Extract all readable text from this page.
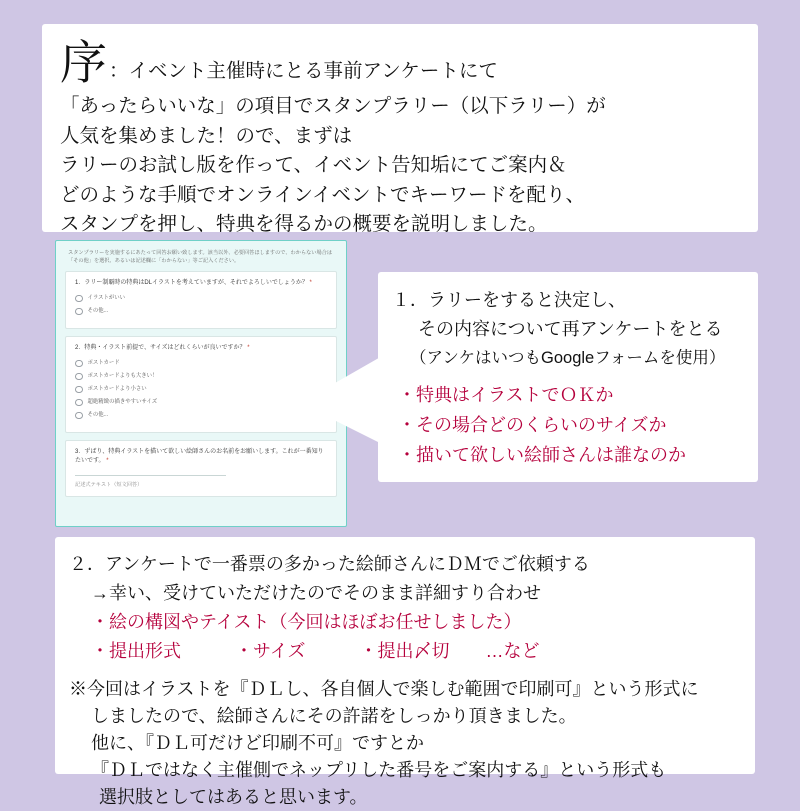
序 ：イベント主催時にとる事前アンケートにて
「あったらいいな」の項目でスタンプラリー（以下ラリー）が
人気を集めました！ので、まずは
ラリーのお試し版を作って、イベント告知垢にてご案内＆
どのような手順でオンラインイベントでキーワードを配り、
スタンプを押し、特典を得るかの概要を説明しました。
スタンプラリーを実施するにあたって回答お願い致します。該当以外、必要回答ほしますので、わからない場合は「その他」を選択、あるいは記述欄に「わからない」等ご記入ください。
1．ラリー制覇時の特典はDLイラストを考えていますが、それでよろしいでしょうか？ *
イラストがいい
その他...
2．特典・イラスト前提で、サイズはどれくらいが良いですか？ *
ポストカード
ポストカードよりも大きい！
ポストカードより小さい
超絶精緻の描きやすいサイズ
その他...
3．ずばり、特典イラストを描いて欲しい絵師さんのお名前をお願いします。これが一番知りたいです。 *
記述式テキスト（短文回答）
１．ラリーをすると決定し、
その内容について再アンケートをとる
（アンケはいつもGoogleフォームを使用）
・特典はイラストでＯＫか
・その場合どのくらいのサイズか
・描いて欲しい絵師さんは誰なのか
２．アンケートで一番票の多かった絵師さんにＤＭでご依頼する
→幸い、受けていただけたのでそのまま詳細すり合わせ
・絵の構図やテイスト（今回はほぼお任せしました）
・提出形式　　　・サイズ　　　・提出〆切　　…など
※今回はイラストを『ＤＬし、各自個人で楽しむ範囲で印刷可』という形式に
しましたので、絵師さんにその許諾をしっかり頂きました。
他に、『ＤＬ可だけど印刷不可』ですとか
『ＤＬではなく主催側でネップリした番号をご案内する』という形式も
選択肢としてはあると思います。
